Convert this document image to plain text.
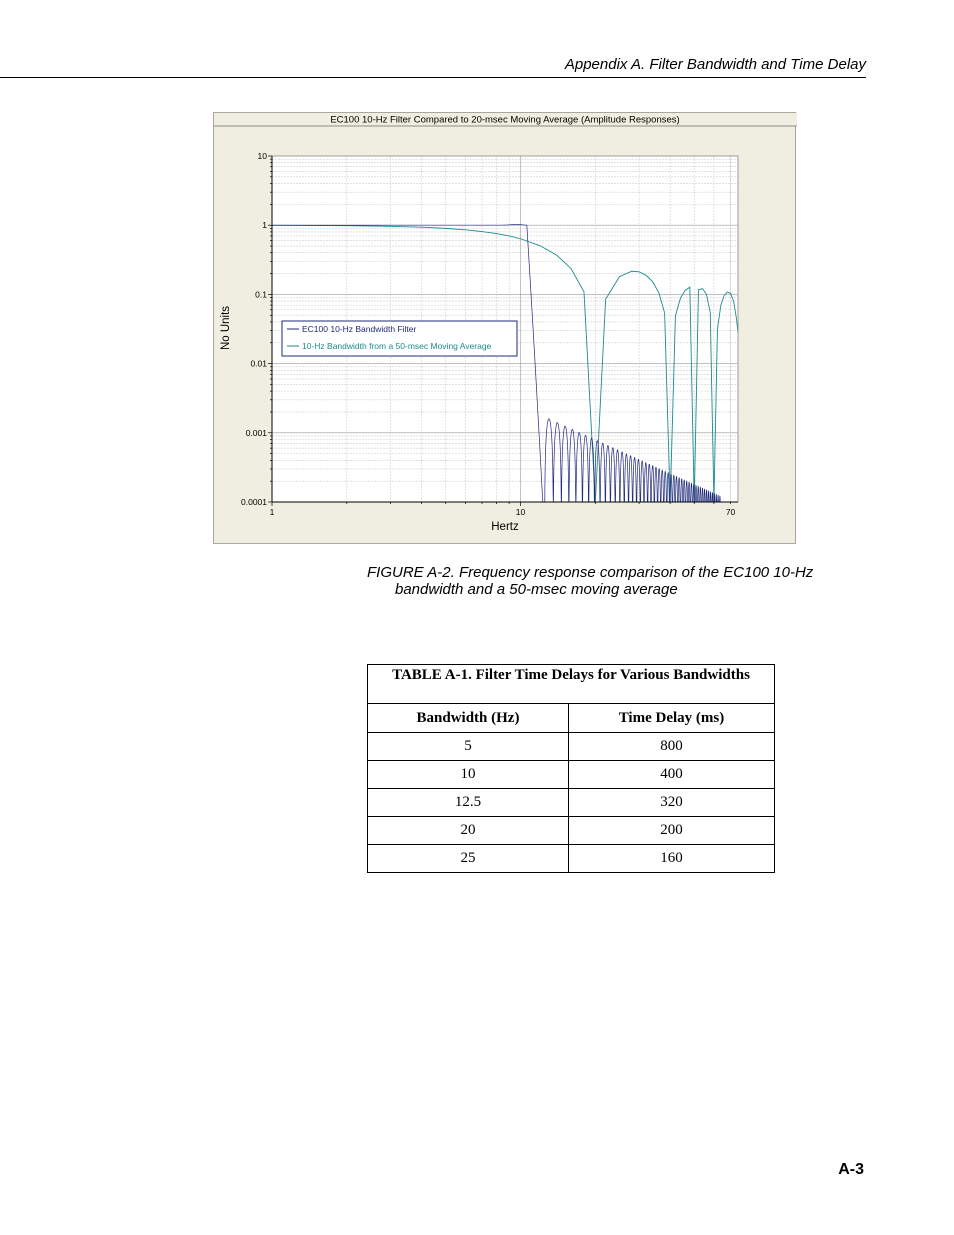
Appendix A. Filter Bandwidth and Time Delay
EC100 10-Hz Filter Compared to 20-msec Moving Average (Amplitude Responses)
EC100 10-Hz Bandwidth Filter
10-Hz Bandwidth from a 50-msec Moving Average
10
1
0.1
0.01
0.001
0.0001
1	10	70
Hertz
No Units
FIGURE A-2. Frequency response comparison of the EC100 10-Hz
bandwidth and a 50-msec moving average
TABLE A-1. Filter Time Delays for Various Bandwidths	
Bandwidth (Hz)	Time Delay (ms)
5	800
10	400
12.5	320
20	200
25	160
A-3
